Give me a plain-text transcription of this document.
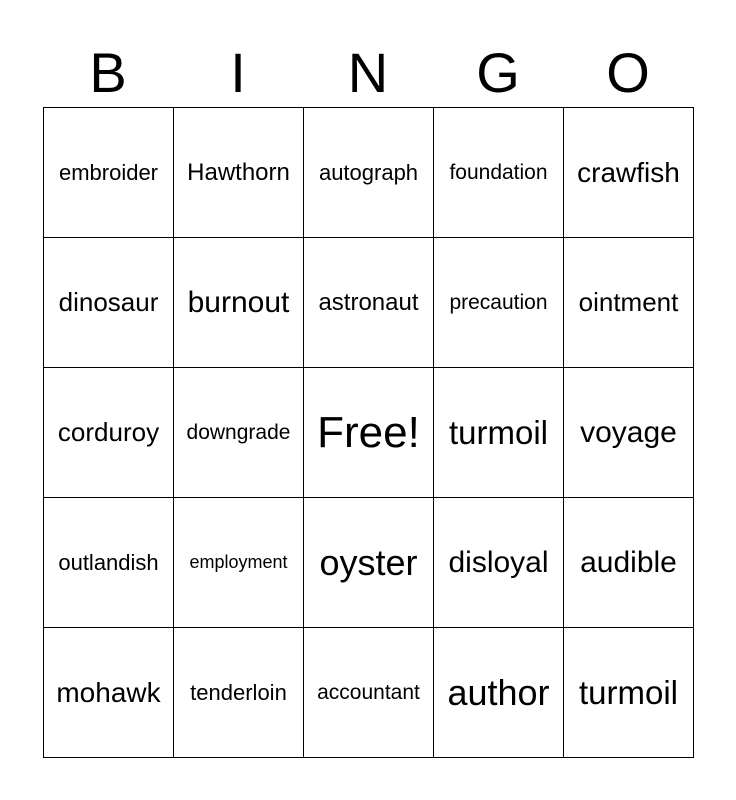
B	I	N	G	O
embroider Hawthorn autograph foundation crawfish
dinosaur burnout astronaut precaution ointment
corduroy downgrade Free! turmoil voyage
outlandish employment oyster disloyal audible
mohawk tenderloin accountant author turmoil
